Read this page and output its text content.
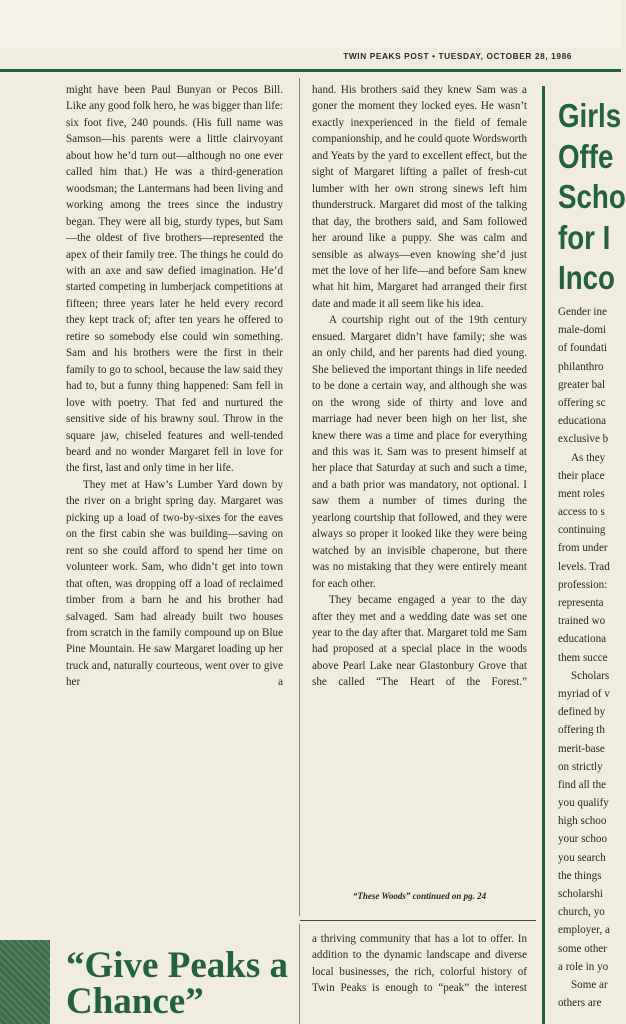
TWIN PEAKS POST • TUESDAY, OCTOBER 28, 1986

might have been Paul Bunyan or Pecos Bill. Like any good folk hero, he was bigger than life: six foot five, 240 pounds. (His full name was Samson—his parents were a little clairvoyant about how he’d turn out—although no one ever called him that.) He was a third-generation woodsman; the Lantermans had been living and working among the trees since the industry began. They were all big, sturdy types, but Sam—the oldest of five brothers—represented the apex of their family tree. The things he could do with an axe and saw defied imagination. He’d started competing in lumberjack competitions at fifteen; three years later he held every record they kept track of; after ten years he offered to retire so somebody else could win something. Sam and his brothers were the first in their family to go to school, because the law said they had to, but a funny thing happened: Sam fell in love with poetry. That fed and nurtured the sensitive side of his brawny soul. Throw in the square jaw, chiseled features and well-tended beard and no wonder Margaret fell in love for the first, last and only time in her life.

They met at Haw’s Lumber Yard down by the river on a bright spring day. Margaret was picking up a load of two-by-sixes for the eaves on the first cabin she was building—saving on rent so she could afford to spend her time on volunteer work. Sam, who didn’t get into town that often, was dropping off a load of reclaimed timber from a barn he and his brother had salvaged. Sam had already built two houses from scratch in the family compound up on Blue Pine Mountain. He saw Margaret loading up her truck and, naturally courteous, went over to give her a

hand. His brothers said they knew Sam was a goner the moment they locked eyes. He wasn’t exactly inexperienced in the field of female companionship, and he could quote Wordsworth and Yeats by the yard to excellent effect, but the sight of Margaret lifting a pallet of fresh-cut lumber with her own strong sinews left him thunderstruck. Margaret did most of the talking that day, the brothers said, and Sam followed her around like a puppy. She was calm and sensible as always—even knowing she’d just met the love of her life—and before Sam knew what hit him, Margaret had arranged their first date and made it all seem like his idea.

A courtship right out of the 19th century ensued. Margaret didn’t have family; she was an only child, and her parents had died young. She believed the important things in life needed to be done a certain way, and although she was on the wrong side of thirty and love and marriage had never been high on her list, she knew there was a time and place for everything and this was it. Sam was to present himself at her place that Saturday at such and such a time, and a bath prior was mandatory, not optional. I saw them a number of times during the yearlong courtship that followed, and they were always so proper it looked like they were being watched by an invisible chaperone, but there was no mistaking that they were entirely meant for each other.

They became engaged a year to the day after they met and a wedding date was set one year to the day after that. Margaret told me Sam had proposed at a special place in the woods above Pearl Lake near Glastonbury Grove that she called “The Heart of the Forest.”

“These Woods” continued on pg. 24

a thriving community that has a lot to offer. In addition to the dynamic landscape and diverse local businesses, the rich, colorful history of Twin Peaks is enough to “peak” the interest

“Give Peaks a Chance”
Girls
Offe
Scho
for I
Inco
Gender ine
male-domi
of foundati
philanthro
greater bal
offering sc
educationa
exclusive b
As they
their place
ment roles
access to s
continuing
from under
levels. Trad
profession:
representa
trained wo
educationa
them succe
Scholars
myriad of v
defined by
offering th
merit-base
on strictly
find all the
you qualify
high schoo
your schoo
you search
the things
scholarshi
church, yo
employer, a
some other
a role in yo
Some ar
others are
